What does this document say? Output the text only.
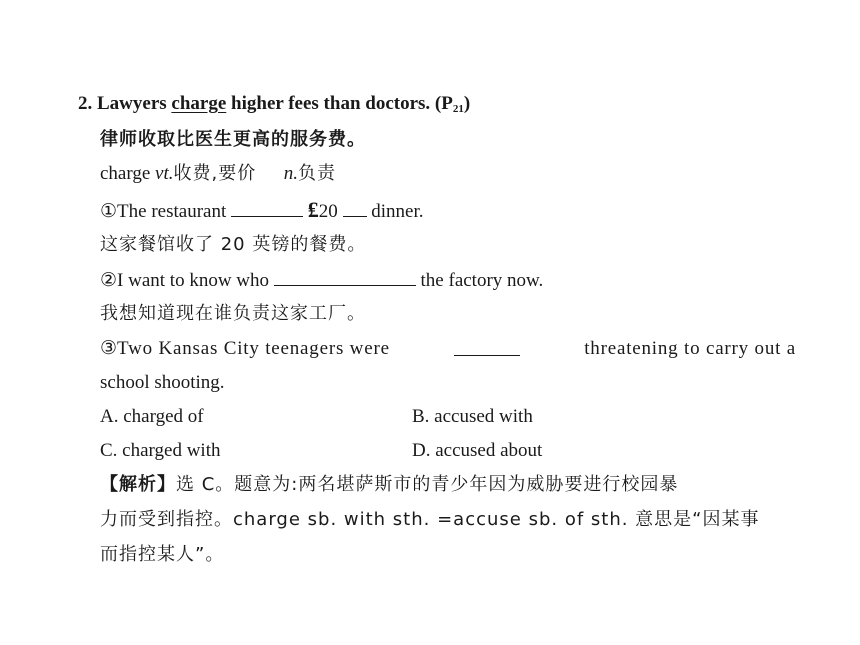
2. Lawyers charge higher fees than doctors. $(P_{21})$
律师收取比医生更高的服务费。
charge vt.收费,要价 n.负责
①The restaurant	₤20 dinner.
这家餐馆收了 20 英镑的餐费。
②I want to know who	the factory now.
我想知道现在谁负责这家工厂。
③Two Kansas City teenagers were	threatening to carry out a
school shooting.
A. charged of	B. accused with
C. charged with	D. accused about
【解析】选 C。题意为:两名堪萨斯市的青少年因为威胁要进行校园暴
力而受到指控。charge sb. with sth. =accuse sb. of sth. 意思是“因某事
而指控某人”。
